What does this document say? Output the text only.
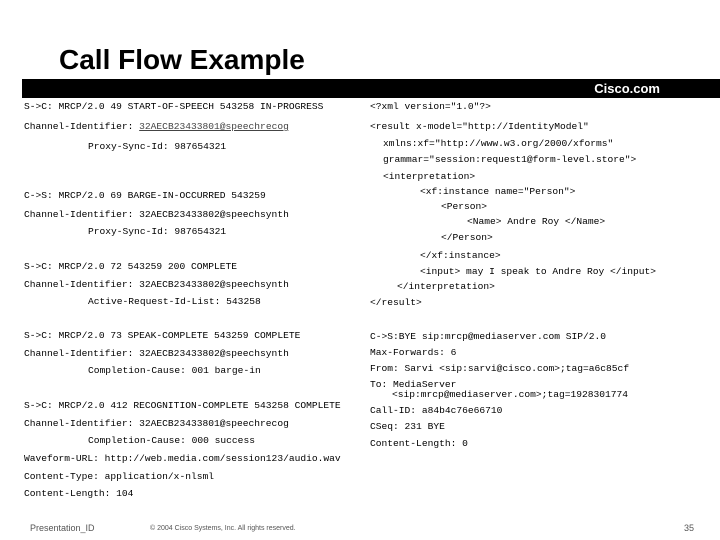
Call Flow Example
Cisco.com
S->C: MRCP/2.0 49 START-OF-SPEECH 543258 IN-PROGRESS
Channel-Identifier: 32AECB23433801@speechrecog
Proxy-Sync-Id: 987654321
C->S: MRCP/2.0 69 BARGE-IN-OCCURRED 543259
Channel-Identifier: 32AECB23433802@speechsynth
Proxy-Sync-Id: 987654321
S->C: MRCP/2.0 72 543259 200 COMPLETE
Channel-Identifier: 32AECB23433802@speechsynth
Active-Request-Id-List: 543258
S->C: MRCP/2.0 73 SPEAK-COMPLETE 543259 COMPLETE
Channel-Identifier: 32AECB23433802@speechsynth
Completion-Cause: 001 barge-in
S->C: MRCP/2.0 412 RECOGNITION-COMPLETE 543258 COMPLETE
Channel-Identifier: 32AECB23433801@speechrecog
Completion-Cause: 000 success
Waveform-URL: http://web.media.com/session123/audio.wav
Content-Type: application/x-nlsml
Content-Length: 104
<?xml version="1.0"?>
<result x-model="http://IdentityModel"
xmlns:xf="http://www.w3.org/2000/xforms"
grammar="session:request1@form-level.store">
<interpretation>
<xf:instance name="Person">
<Person>
<Name> Andre Roy </Name>
</Person>
</xf:instance>
<input> may I speak to Andre Roy </input>
</interpretation>
</result>
C->S:BYE sip:mrcp@mediaserver.com SIP/2.0
Max-Forwards: 6
From: Sarvi <sip:sarvi@cisco.com>;tag=a6c85cf
To: MediaServer
<sip:mrcp@mediaserver.com>;tag=1928301774
Call-ID: a84b4c76e66710
CSeq: 231 BYE
Content-Length: 0
Presentation_ID	© 2004 Cisco Systems, Inc. All rights reserved.	35
